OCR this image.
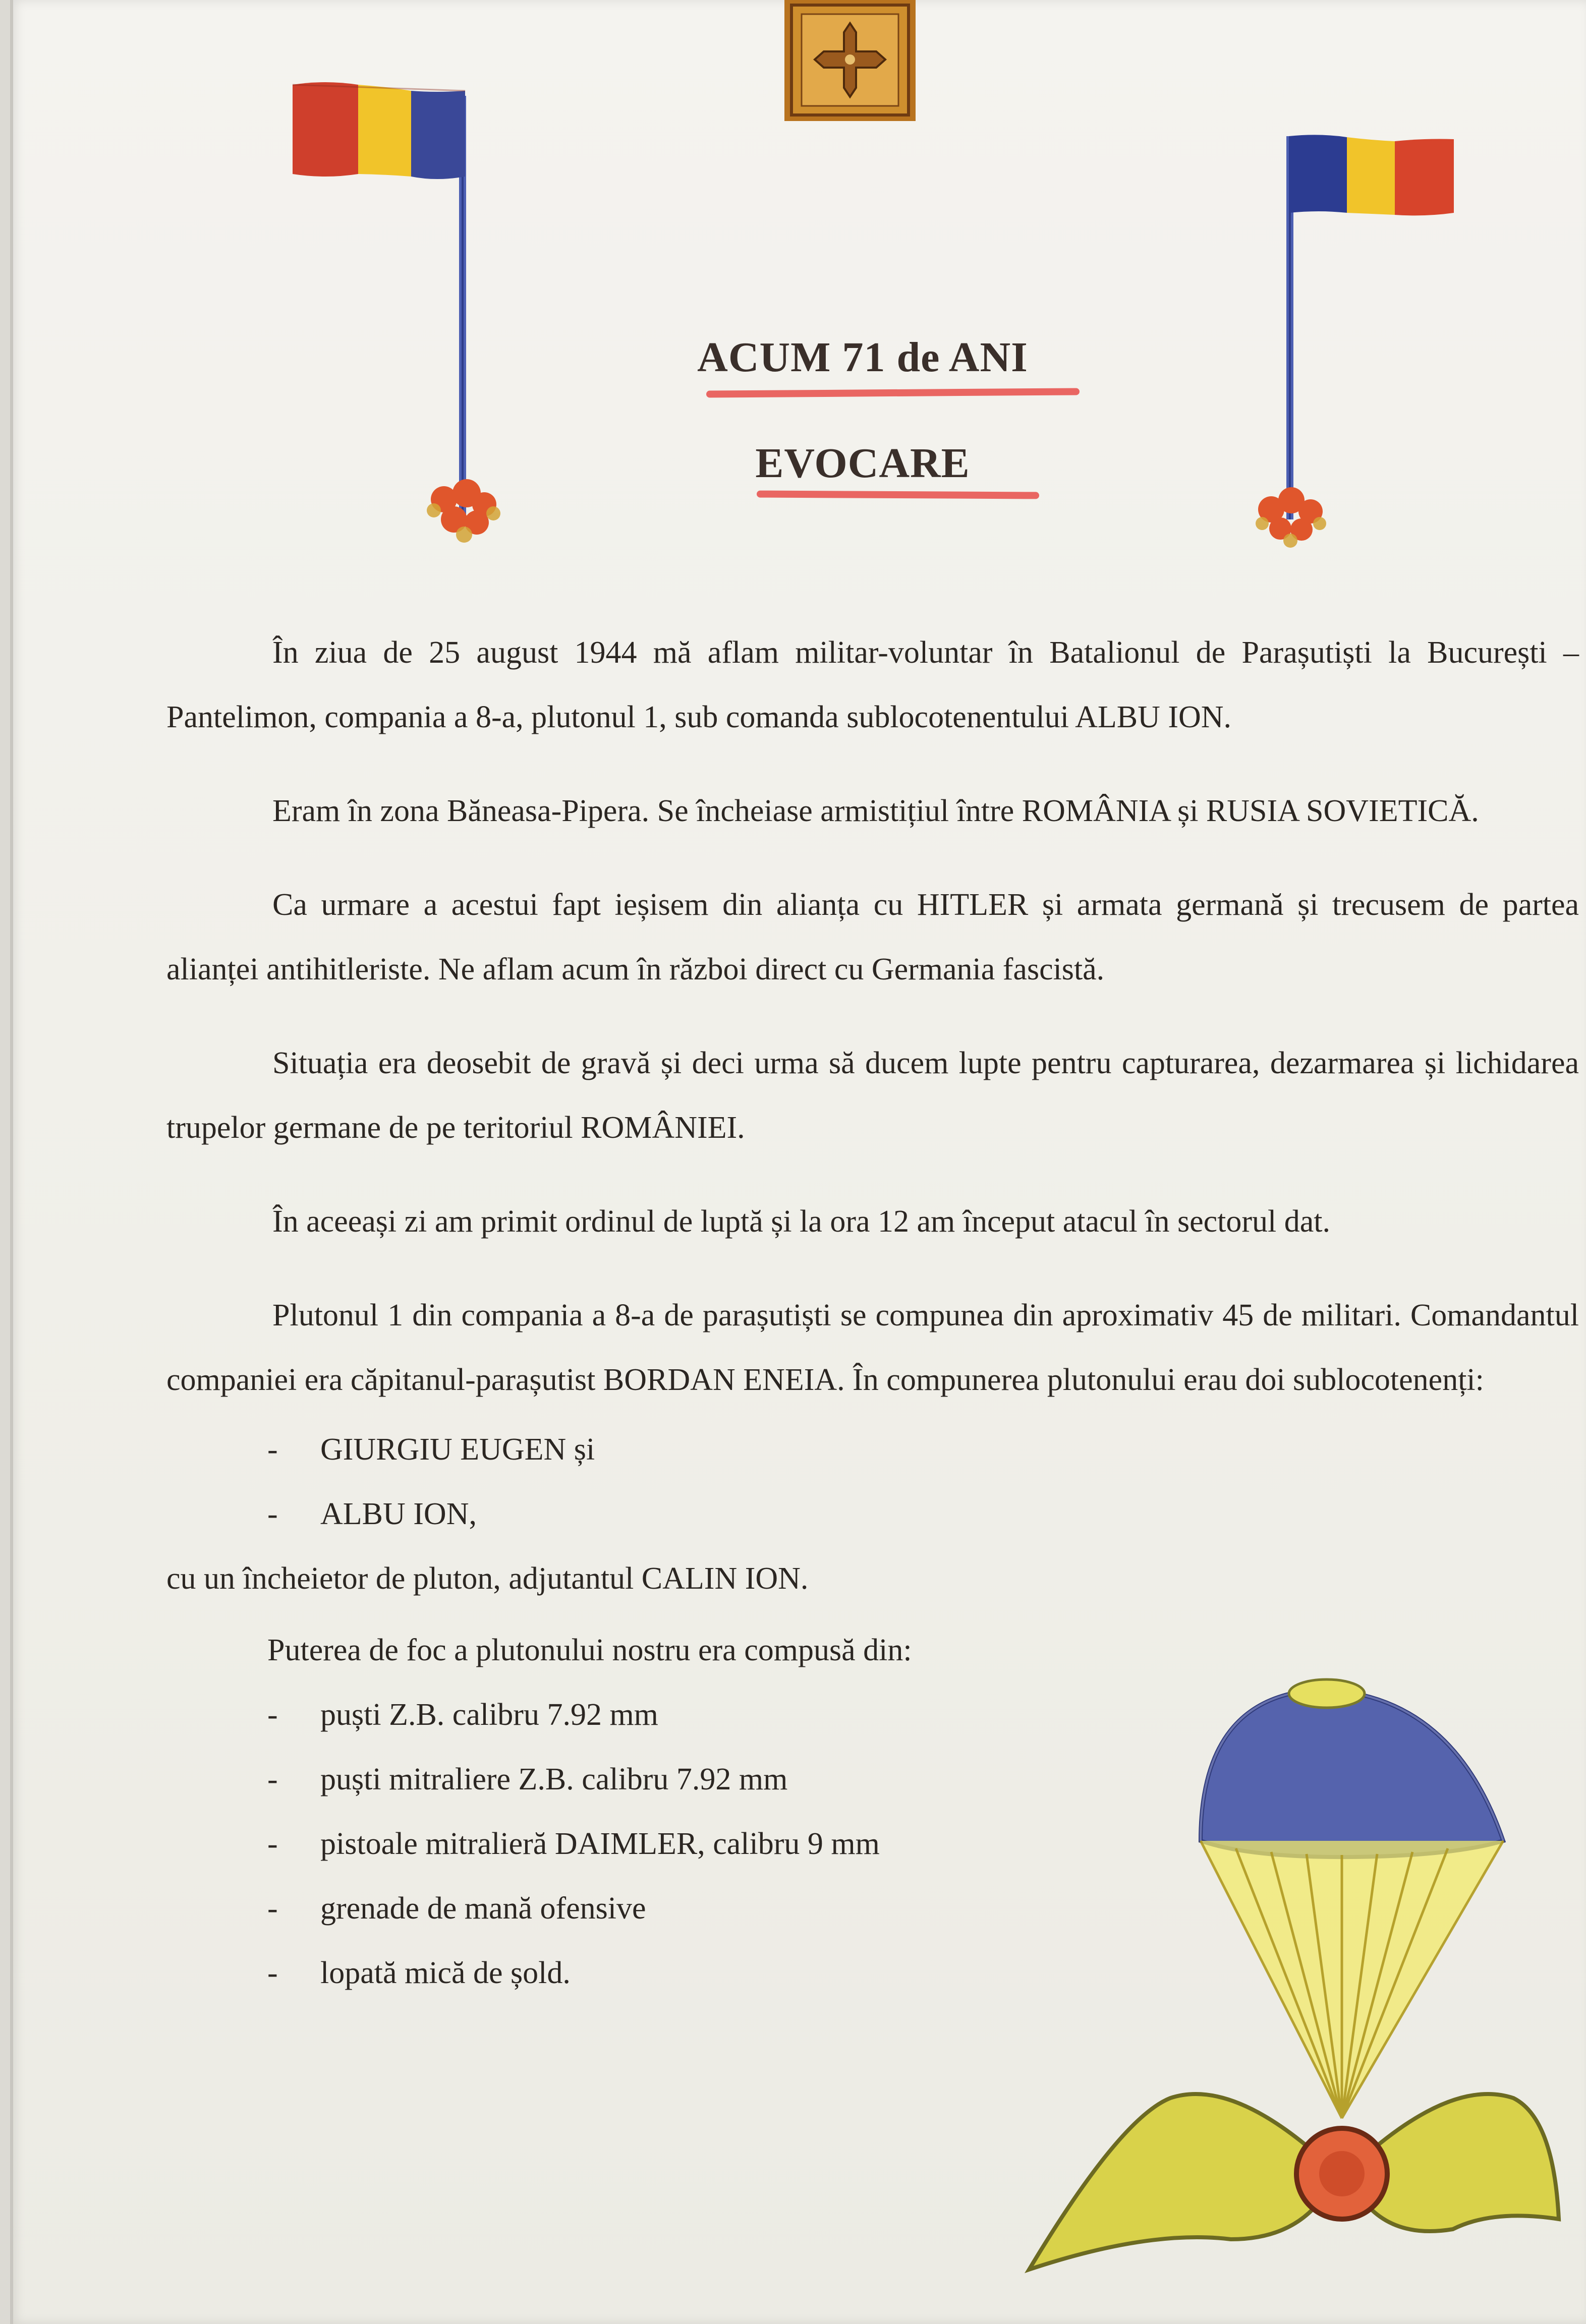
ACUM 71 de ANI
EVOCARE

În ziua de 25 august 1944 mă aflam militar-voluntar în Batalionul de Parașutiști la București – Pantelimon, compania a 8-a, plutonul 1, sub comanda sublocotenentului ALBU ION.

Eram în zona Băneasa-Pipera. Se încheiase armistițiul între ROMÂNIA și RUSIA SOVIETICĂ.

Ca urmare a acestui fapt ieșisem din alianța cu HITLER și armata germană și trecusem de partea alianței antihitleriste. Ne aflam acum în război direct cu Germania fascistă.

Situația era deosebit de gravă și deci urma să ducem lupte pentru capturarea, dezarmarea și lichidarea trupelor germane de pe teritoriul ROMÂNIEI.

În aceeași zi am primit ordinul de luptă și la ora 12 am început atacul în sectorul dat.

Plutonul 1 din compania a 8-a de parașutiști se compunea din aproximativ 45 de militari. Comandantul companiei era căpitanul-parașutist BORDAN ENEIA. În compunerea plutonului erau doi sublocotenenți:

- GIURGIU EUGEN și
- ALBU ION,
cu un încheietor de pluton, adjutantul CALIN ION.
Puterea de foc a plutonului nostru era compusă din:
- puști Z.B. calibru 7.92 mm
- puști mitraliere Z.B. calibru 7.92 mm
- pistoale mitralieră DAIMLER, calibru 9 mm
- grenade de mană ofensive
- lopată mică de șold.
